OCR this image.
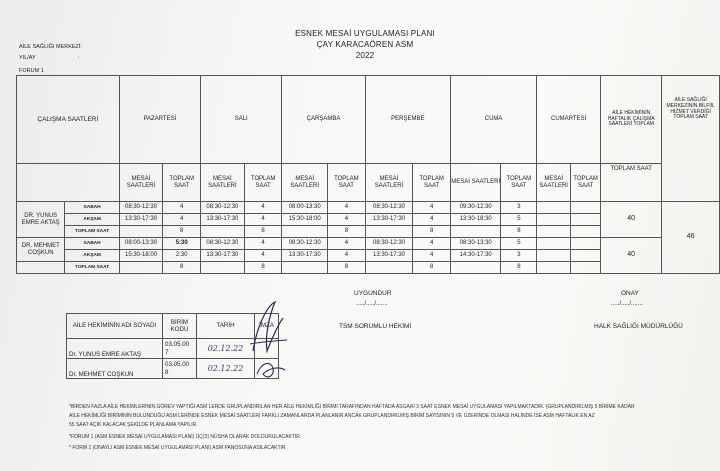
ESNEK MESAİ UYGULAMASI PLANI
ÇAY KARACAÖREN ASM
2022
AİLE SAĞLIĞI MERKEZİ:
YIL/AY	:
FORUM 1
ÇALIŞMA SAATLERİ		PAZARTESİ		SALI		ÇARŞAMBA		PERŞEMBE		CUMA		CUMARTESİ		AİLE HEKİMİNİN HAFTALIK ÇALIŞMA SAATLERİ TOPLAM	AİLE SAĞLIĞI MERKEZİNİN BİLFİİL HİZMET VERDİĞİ TOPLAM SAAT
		MESAİ SAATLERİ	TOPLAM SAAT	MESAİ SAATLERİ	TOPLAM SAAT	MESAİ SAATLERİ	TOPLAM SAAT	MESAİ SAATLERİ	TOPLAM SAAT	MESAİ SAATLERİ	TOPLAM SAAT	MESAİ SAATLERİ	TOPLAM SAAT	TOPLAM SAAT	
DR. YUNUS EMRE AKTAŞ	SABAH	08:30-12:30	4	08:30-12:30	4	08:00-13:30	4	08:30-12:30	4	09:30-12:30	3			40	46
	AKŞAM	13:30-17:30	4	13:30-17:30	4	15:30-18:00	4	13:30-17:30	4	13:30-18:30	5				
	TOPLAM SAAT		8		8		8		8		8				
DR. MEHMET COŞKUN	SABAH	08:00-13:30	5:30	08:30-12:30	4	08:30-12:30	4	08:30-12:30	4	08:30-13:30	5			40	
	AKŞAM	15:30-18:00	2:30	13:30-17:30	4	13:30-17:30	4	13:30-17:30	4	14:30-17:30	3				
	TOPLAM SAAT		8		8		8		8		8				
UYGUNDUR
...../...../.......
TSM SORUMLU HEKİMİ
ONAY
...../...../.......
HALK SAĞLIĞI MÜDÜRLÜĞÜ
AİLE HEKİMİNİN ADI SOYADI	BİRİM KODU	TARİH	İMZA
Dr. YUNUS EMRE AKTAŞ	03.05.00 7	02.12.22	
Dr. MEHMET COŞKUN	03.05.00 8	02.12.22	
*BİRDEN FAZLA AİLE HEKİMLERİNİN GÖREV YAPTIĞI ASM LERDE GRUPLANDIRILAN HER AİLE HEKİMLİĞİ BİRİMİ TARAFINDAN HAFTADA ASGARİ 3 SAAT ESNEK MESAİ UYGULAMASI YAPILMAKTADIR. (GRUPLANDIRILMIŞ 5 BİRİME KADAR
AİLE HEKİMLİĞİ BİRİMİNİN BULUNDUĞU ASM LERİNDE ESNEK MESAİ SAATLERİ FARKLI ZAMANLARDA PLANLANIR ANCAK GRUPLANDIRILMIŞ BİRİM SAYISININ 5 VE ÜZERİNDE OLMASI HALİNDE İSE ASM HAFTALIK EN AZ
55 SAAT AÇIK KALACAK ŞEKİLDE PLANLAMA YAPILIR.
*FORUM 1 (ASM ESNEK MESAİ UYGULAMASI PLANI) ÜÇ(3) NÜSHA OLARAK DOLDURULACAKTIR
* FORM 1 (ONAYLI ASM ESNEK MESAİ UYGULAMASI PLANI) ASM PANOSUNA ASILACAKTIR
